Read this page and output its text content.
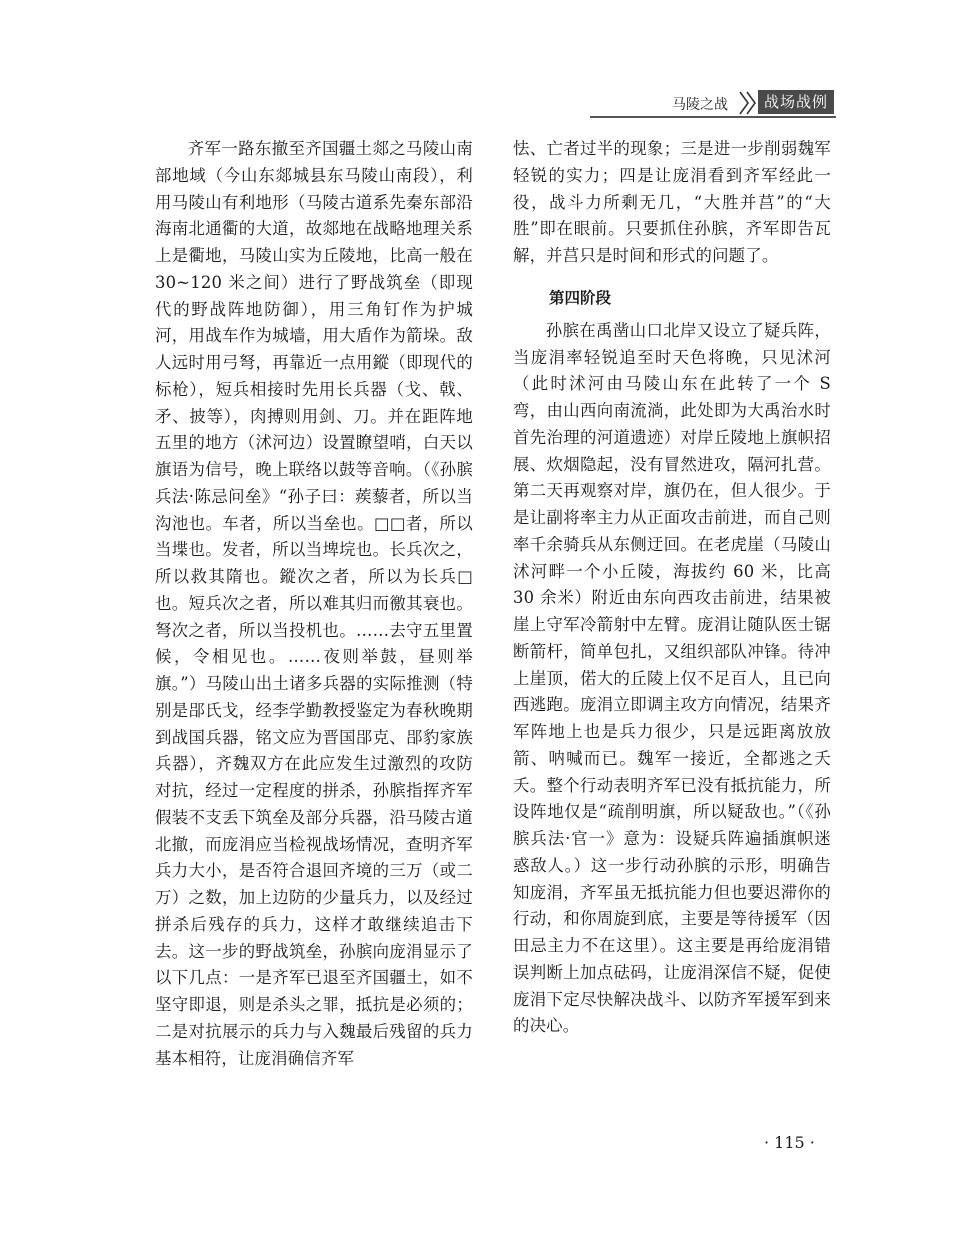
马陵之战	战场战例

齐军一路东撤至齐国疆土郯之马陵山南部地域（今山东郯城县东马陵山南段），利用马陵山有利地形（马陵古道系先秦东部沿海南北通衢的大道，故郯地在战略地理关系上是衢地，马陵山实为丘陵地，比高一般在 30~120 米之间）进行了野战筑垒（即现代的野战阵地防御），用三角钉作为护城河，用战车作为城墙，用大盾作为箭垛。敌人远时用弓弩，再靠近一点用鏦（即现代的标枪），短兵相接时先用长兵器（戈、戟、矛、披等），肉搏则用剑、刀。并在距阵地五里的地方（沭河边）设置瞭望哨，白天以旗语为信号，晚上联络以鼓等音响。（《孙膑兵法·陈忌问垒》“孙子曰：蒺藜者，所以当沟池也。车者，所以当垒也。□□者，所以当堞也。发者，所以当埤垸也。长兵次之，所以救其隋也。鏦次之者，所以为长兵□也。短兵次之者，所以难其归而徼其衰也。弩次之者，所以当投机也。……去守五里置候，令相见也。……夜则举鼓，昼则举旗。”）马陵山出土诸多兵器的实际推测（特别是郘氏戈，经李学勤教授鉴定为春秋晚期到战国兵器，铭文应为晋国郘克、郘豹家族兵器），齐魏双方在此应发生过激烈的攻防对抗，经过一定程度的拼杀，孙膑指挥齐军假装不支丢下筑垒及部分兵器，沿马陵古道北撤，而庞涓应当检视战场情况，查明齐军兵力大小，是否符合退回齐境的三万（或二万）之数，加上边防的少量兵力，以及经过拼杀后残存的兵力，这样才敢继续追击下去。这一步的野战筑垒，孙膑向庞涓显示了以下几点：一是齐军已退至齐国疆土，如不坚守即退，则是杀头之罪，抵抗是必须的；二是对抗展示的兵力与入魏最后残留的兵力基本相符，让庞涓确信齐军

怯、亡者过半的现象；三是进一步削弱魏军轻锐的实力；四是让庞涓看到齐军经此一役，战斗力所剩无几，“大胜并莒”的“大胜”即在眼前。只要抓住孙膑，齐军即告瓦解，并莒只是时间和形式的问题了。

第四阶段

孙膑在禹凿山口北岸又设立了疑兵阵，当庞涓率轻锐追至时天色将晚，只见沭河（此时沭河由马陵山东在此转了一个 S 弯，由山西向南流淌，此处即为大禹治水时首先治理的河道遗迹）对岸丘陵地上旗帜招展、炊烟隐起，没有冒然进攻，隔河扎营。第二天再观察对岸，旗仍在，但人很少。于是让副将率主力从正面攻击前进，而自己则率千余骑兵从东侧迂回。在老虎崖（马陵山沭河畔一个小丘陵，海拔约 60 米，比高 30 余米）附近由东向西攻击前进，结果被崖上守军冷箭射中左臂。庞涓让随队医士锯断箭杆，简单包扎，又组织部队冲锋。待冲上崖顶，偌大的丘陵上仅不足百人，且已向西逃跑。庞涓立即调主攻方向情况，结果齐军阵地上也是兵力很少，只是远距离放放箭、呐喊而已。魏军一接近，全都逃之夭夭。整个行动表明齐军已没有抵抗能力，所设阵地仅是“疏削明旗，所以疑敌也。”（《孙膑兵法·官一》意为：设疑兵阵遍插旗帜迷惑敌人。）这一步行动孙膑的示形，明确告知庞涓，齐军虽无抵抗能力但也要迟滞你的行动，和你周旋到底，主要是等待援军（因田忌主力不在这里）。这主要是再给庞涓错误判断上加点砝码，让庞涓深信不疑，促使庞涓下定尽快解决战斗、以防齐军援军到来的决心。

· 115 ·
